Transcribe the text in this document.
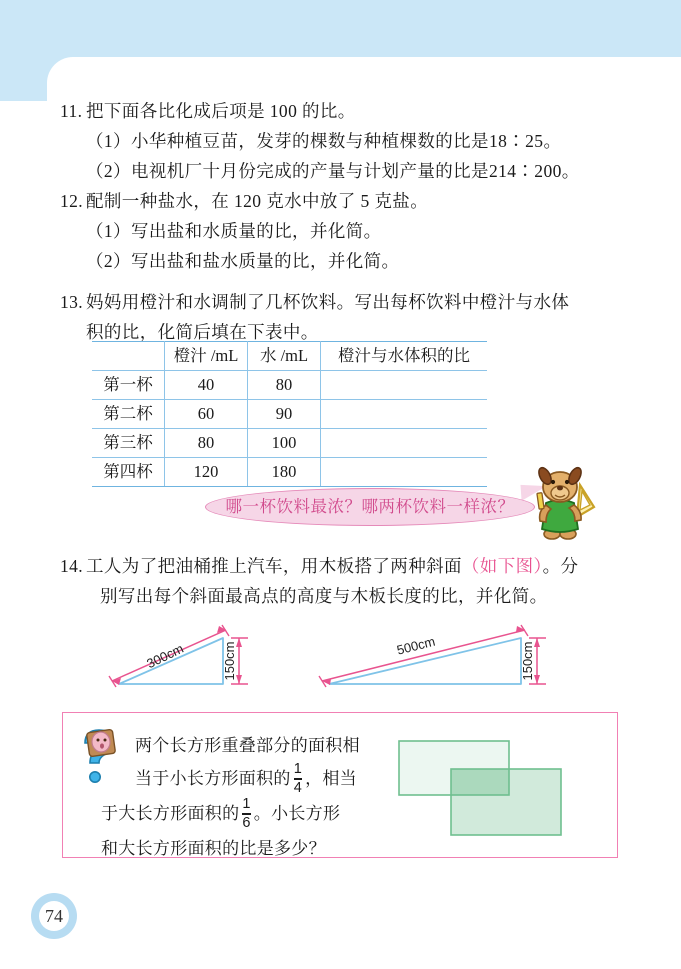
11. 把下面各比化成后项是 100 的比。
（1）小华种植豆苗，发芽的棵数与种植棵数的比是18∶25。
（2）电视机厂十月份完成的产量与计划产量的比是214∶200。
12. 配制一种盐水，在 120 克水中放了 5 克盐。
（1）写出盐和水质量的比，并化简。
（2）写出盐和盐水质量的比，并化简。
13. 妈妈用橙汁和水调制了几杯饮料。写出每杯饮料中橙汁与水体
积的比，化简后填在下表中。
	橙汁 /mL	水 /mL	橙汁与水体积的比
第一杯	40	80	
第二杯	60	90	
第三杯	80	100	
第四杯	120	180	
哪一杯饮料最浓？哪两杯饮料一样浓？
14. 工人为了把油桶推上汽车，用木板搭了两种斜面（如下图）。分
别写出每个斜面最高点的高度与木板长度的比，并化简。
300cm	150cm	500cm	150cm
两个长方形重叠部分的面积相
当于小长方形面积的 $\frac{1}{4}$ ，相当
于大长方形面积的 $\frac{1}{6}$ 。小长方形
和大长方形面积的比是多少？
74
